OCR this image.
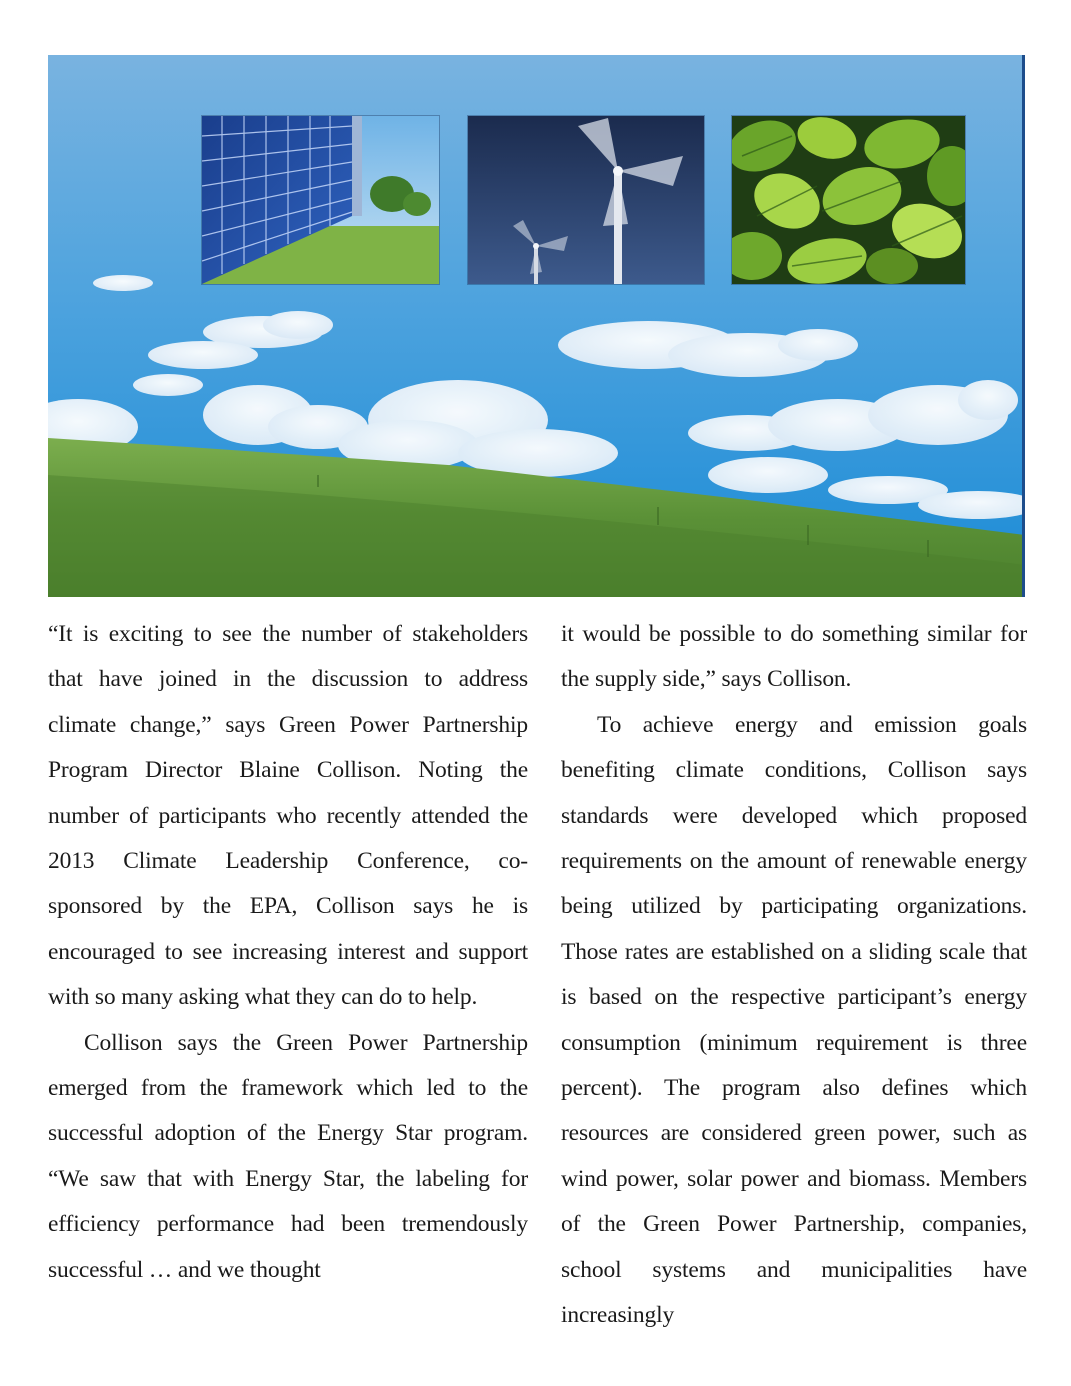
“It is exciting to see the number of stakeholders that have joined in the discussion to address climate change,” says Green Power Partnership Program Director Blaine Collison. Noting the number of participants who recently attended the 2013 Climate Leadership Conference, co-sponsored by the EPA, Collison says he is encouraged to see increasing interest and support with so many asking what they can do to help.

Collison says the Green Power Partnership emerged from the framework which led to the successful adoption of the Energy Star program. “We saw that with Energy Star, the labeling for efficiency performance had been tremendously successful … and we thought

it would be possible to do something similar for the supply side,” says Collison.

To achieve energy and emission goals benefiting climate conditions, Collison says standards were developed which proposed requirements on the amount of renewable energy being utilized by participating organizations. Those rates are established on a sliding scale that is based on the respective participant’s energy consumption (minimum requirement is three percent). The program also defines which resources are considered green power, such as wind power, solar power and biomass. Members of the Green Power Partnership, companies, school systems and municipalities have increasingly
